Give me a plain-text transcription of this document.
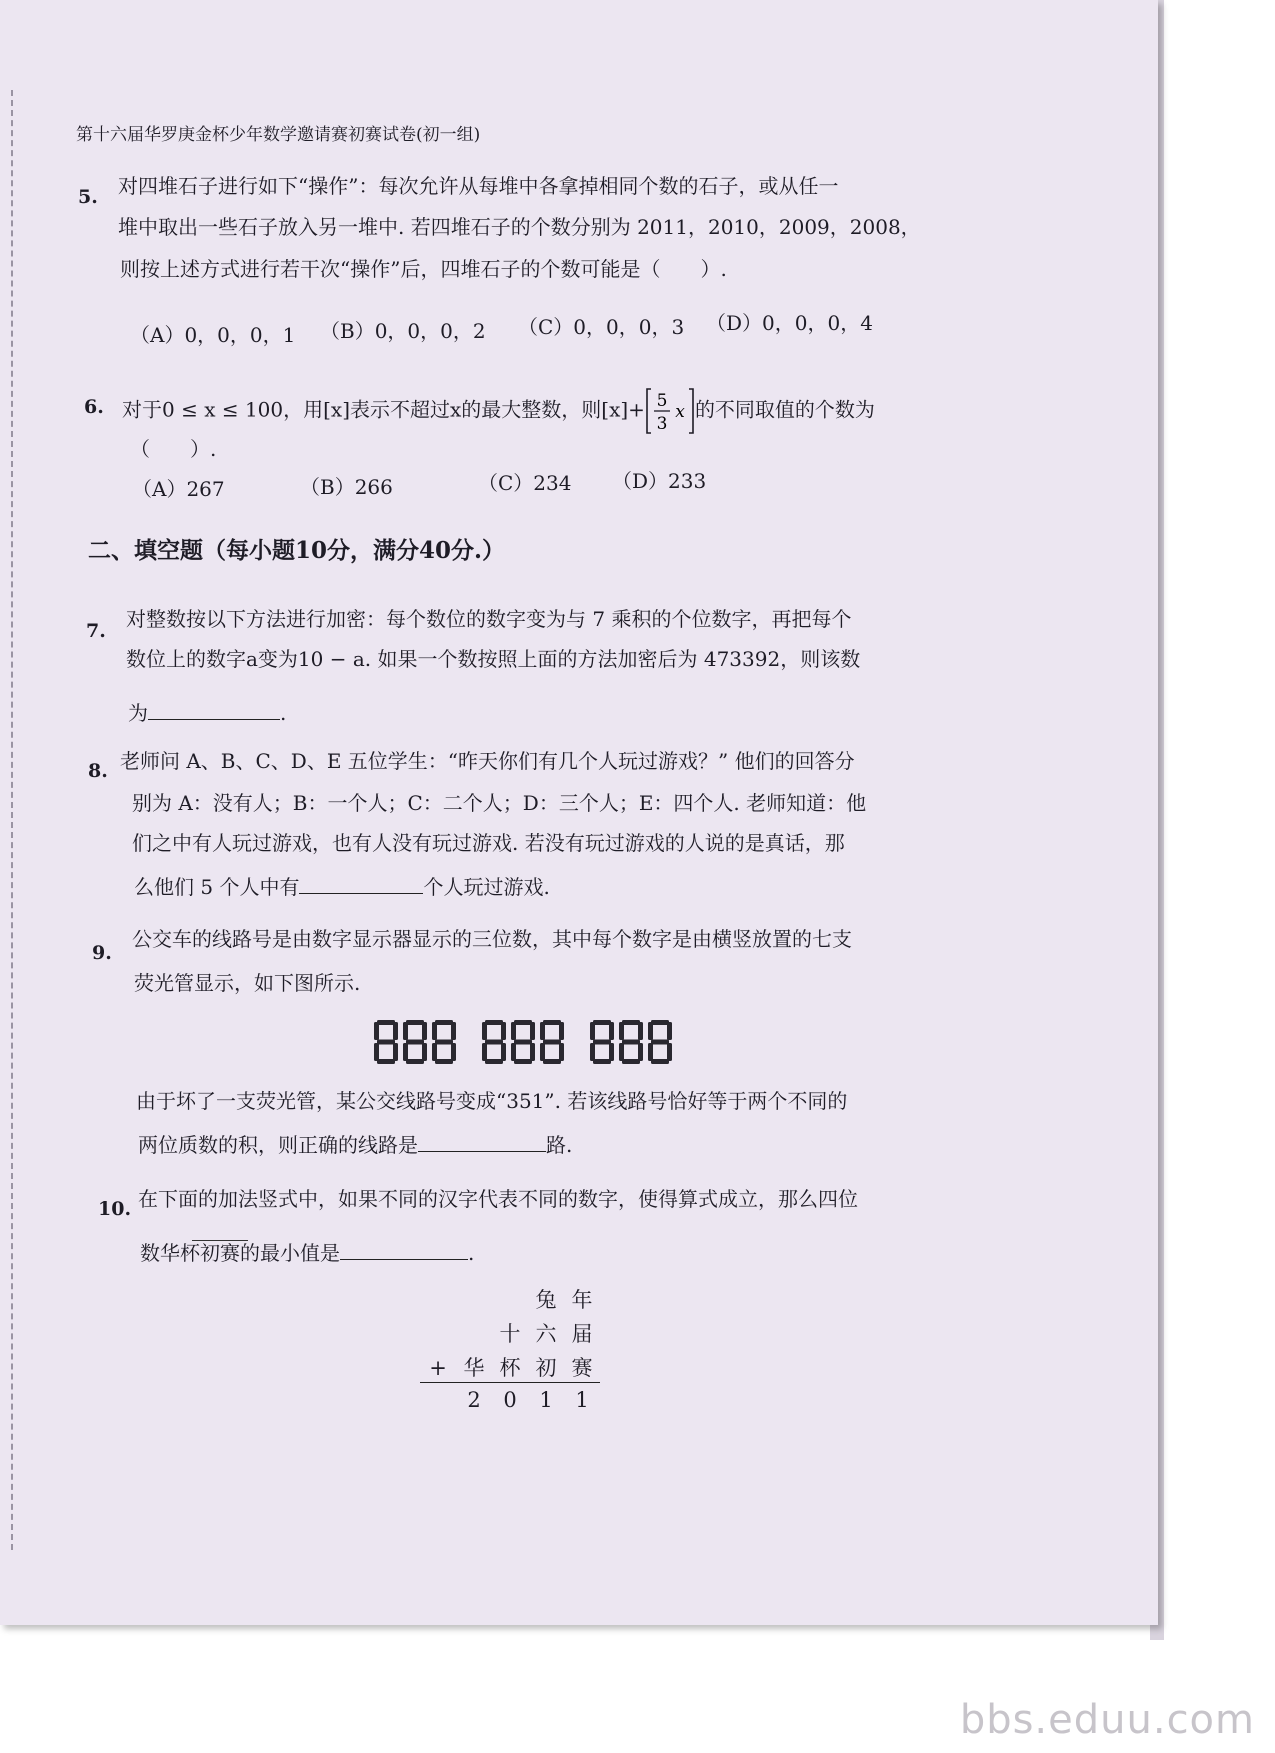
第十六届华罗庚金杯少年数学邀请赛初赛试卷(初一组)
5. 对四堆石子进行如下“操作”：每次允许从每堆中各拿掉相同个数的石子，或从任一
堆中取出一些石子放入另一堆中. 若四堆石子的个数分别为 2011，2010，2009，2008，
则按上述方式进行若干次“操作”后，四堆石子的个数可能是（　　）.
（A）0，0，0，1 （B）0，0，0，2 （C）0，0，0，3 （D）0，0，0，4
6. 对于0 ≤ x ≤ 100，用[x]表示不超过x的最大整数，则[x]+ 5
3
x 的不同取值的个数为
（　　）.
（A）267	（B）266	（C）234 （D）233
二、填空题（每小题10分，满分40分.）
7. 对整数按以下方法进行加密：每个数位的数字变为与 7 乘积的个位数字，再把每个
数位上的数字a变为10 − a. 如果一个数按照上面的方法加密后为 473392，则该数
为	.
8. 老师问 A、B、C、D、E 五位学生：“昨天你们有几个人玩过游戏？” 他们的回答分
别为 A：没有人；B：一个人；C：二个人；D：三个人；E：四个人. 老师知道：他
们之中有人玩过游戏，也有人没有玩过游戏. 若没有玩过游戏的人说的是真话，那
么他们 5 个人中有	个人玩过游戏.
9.
公交车的线路号是由数字显示器显示的三位数，其中每个数字是由横竖放置的七支
荧光管显示，如下图所示.
由于坏了一支荧光管，某公交线路号变成“351”. 若该线路号恰好等于两个不同的
两位质数的积，则正确的线路是	路.
10. 在下面的加法竖式中，如果不同的汉字代表不同的数字，使得算式成立，那么四位
数华杯初赛的最小值是	.
兔 年
十 六 届
+ 华 杯 初 赛
2 0 1 1
bbs.eduu.com
